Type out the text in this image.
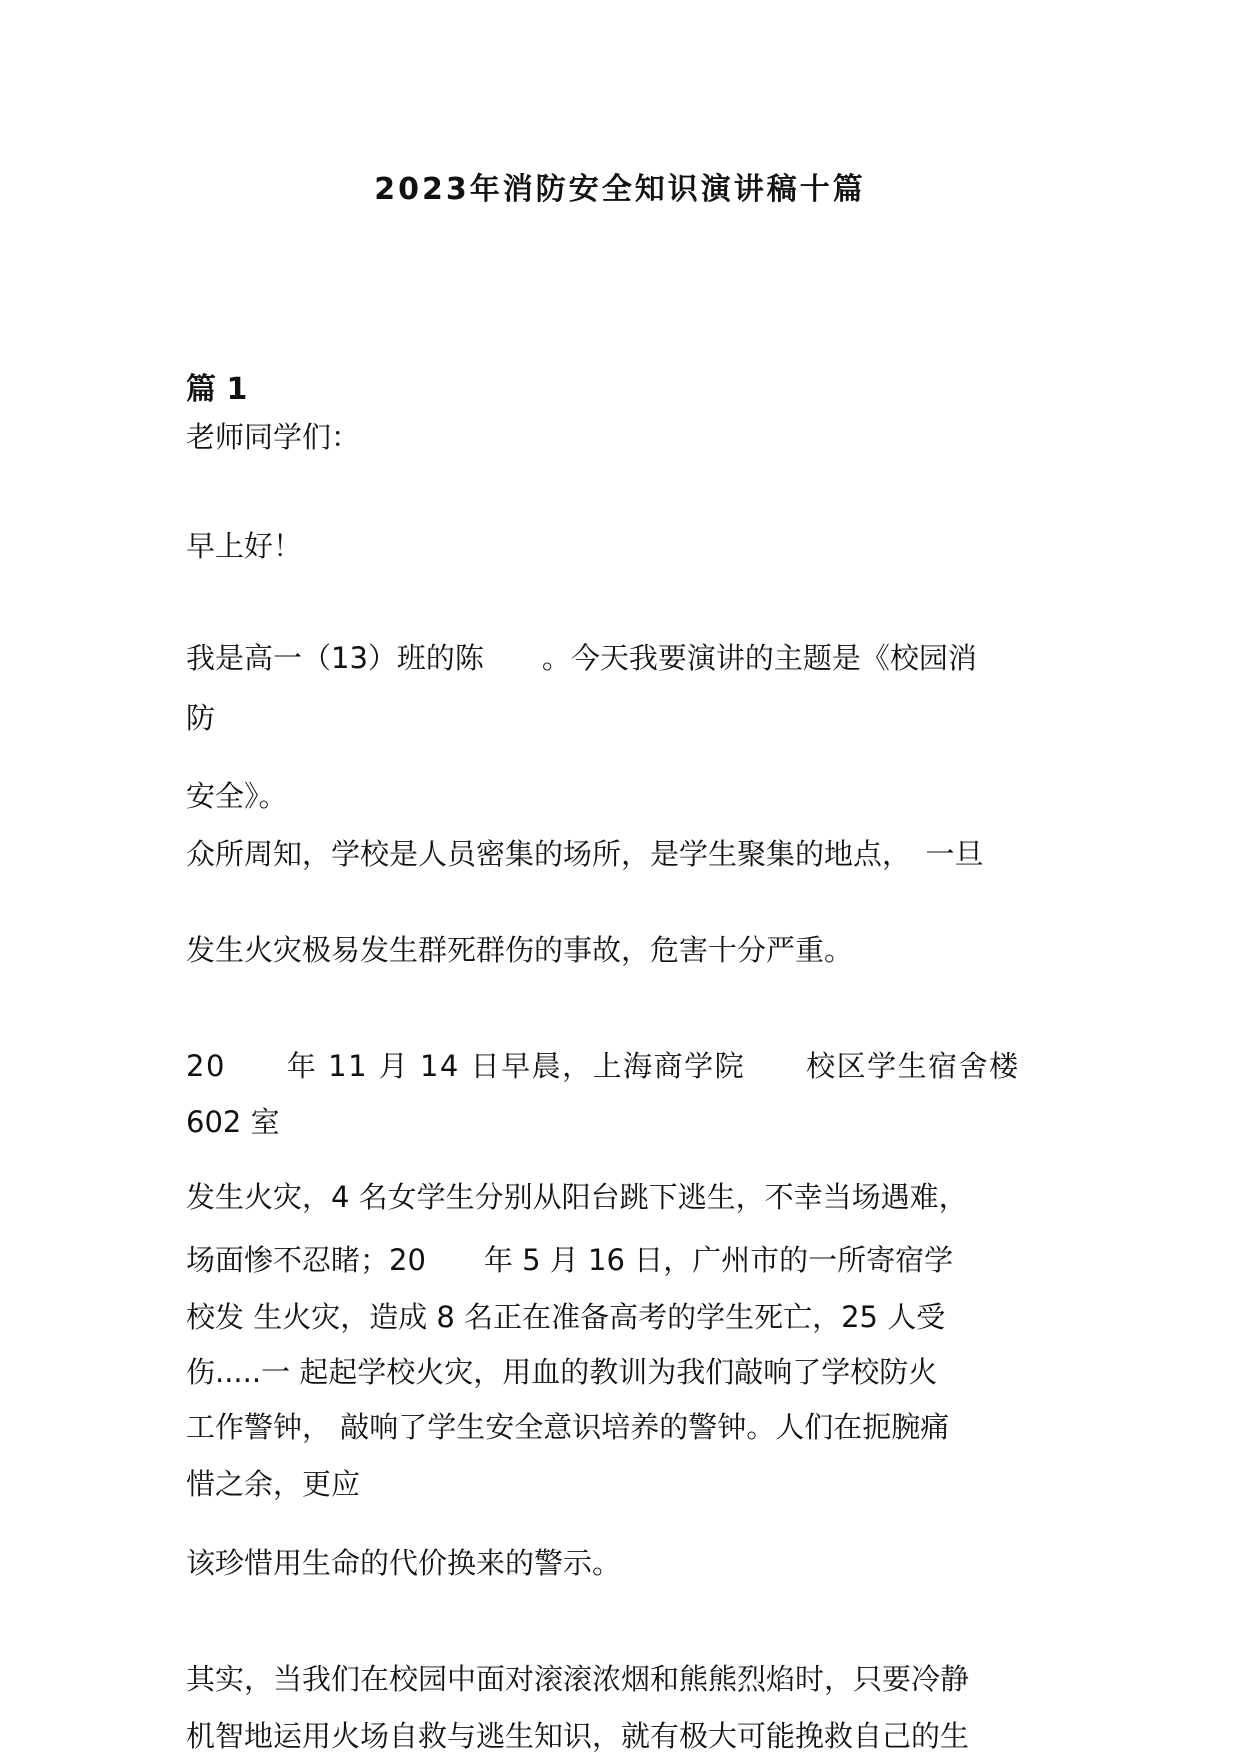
2023年消防安全知识演讲稿十篇
篇 1

老师同学们：

早上好！

我是高一（13）班的陈　　。今天我要演讲的主题是《校园消

防

安全》。

众所周知，学校是人员密集的场所，是学生聚集的地点，　一旦

发生火灾极易发生群死群伤的事故，危害十分严重。

20　　年 11 月 14 日早晨，上海商学院　　校区学生宿舍楼

602 室

发生火灾，4 名女学生分别从阳台跳下逃生，不幸当场遇难，

场面惨不忍睹；20　　年 5 月 16 日，广州市的一所寄宿学

校发 生火灾，造成 8 名正在准备高考的学生死亡，25 人受

伤.....一 起起学校火灾，用血的教训为我们敲响了学校防火

工作警钟， 敲响了学生安全意识培养的警钟。人们在扼腕痛

惜之余，更应

该珍惜用生命的代价换来的警示。

其实，当我们在校园中面对滚滚浓烟和熊熊烈焰时，只要冷静

机智地运用火场自救与逃生知识，就有极大可能挽救自己的生
